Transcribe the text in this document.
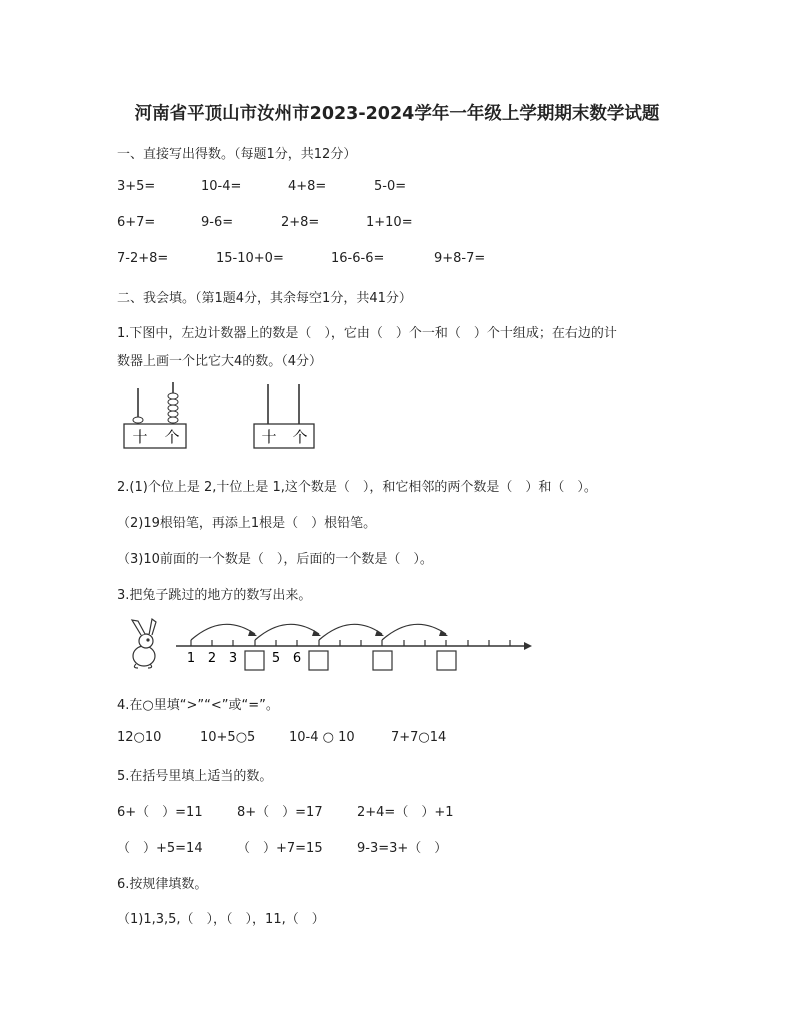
河南省平顶山市汝州市2023-2024学年一年级上学期期末数学试题
一、直接写出得数。（每题1分，共12分）
3+5=	10-4=	4+8=	5-0=
6+7=	9-6=	2+8=	1+10=
7-2+8=	15-10+0=	16-6-6=	9+8-7=
二、我会填。（第1题4分，其余每空1分，共41分）
1.下图中，左边计数器上的数是（　），它由（　）个一和（　）个十组成；在右边的计
数器上画一个比它大4的数。（4分）
十 个	十 个
2.(1)个位上是 2,十位上是 1,这个数是（　），和它相邻的两个数是（　）和（　）。
（2)19根铅笔，再添上1根是（　）根铅笔。
（3)10前面的一个数是（　），后面的一个数是（　）。
3.把兔子跳过的地方的数写出来。
1 2 3	5 6
4.在○里填“>”“<”或“=”。
12○10	10+5○5	10-4 ○ 10	7+7○14
5.在括号里填上适当的数。
6+（　）=11	8+（　）=17	2+4=（　）+1
（　）+5=14	（　）+7=15	9-3=3+（　）
6.按规律填数。
（1)1,3,5,（　），（　），11,（　）
